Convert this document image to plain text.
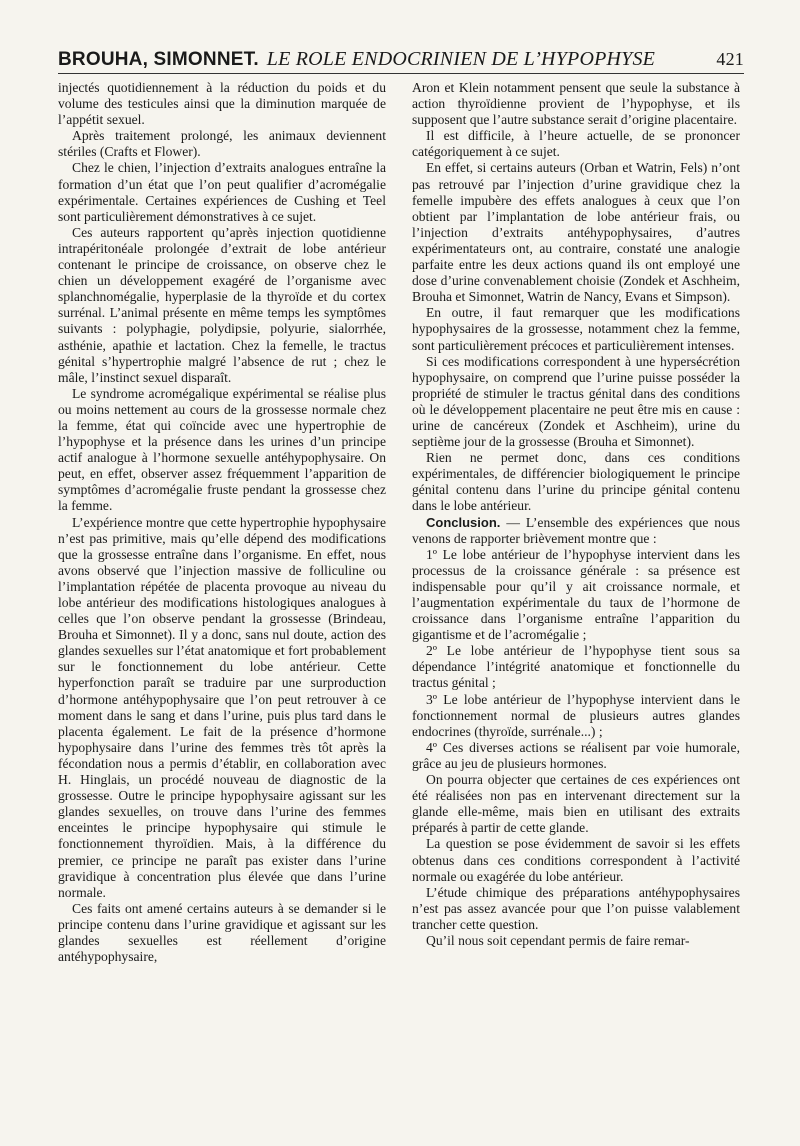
BROUHA, SIMONNET. LE ROLE ENDOCRINIEN DE L’HYPOPHYSE	421

injectés quotidiennement à la réduction du poids et du volume des testicules ainsi que la diminution marquée de l’appétit sexuel.

Après traitement prolongé, les animaux deviennent stériles (Crafts et Flower).

Chez le chien, l’injection d’extraits analogues entraîne la formation d’un état que l’on peut qualifier d’acromégalie expérimentale. Certaines expériences de Cushing et Teel sont particulièrement démonstratives à ce sujet.

Ces auteurs rapportent qu’après injection quotidienne intrapéritonéale prolongée d’extrait de lobe antérieur contenant le principe de croissance, on observe chez le chien un développement exagéré de l’organisme avec splanchnomégalie, hyperplasie de la thyroïde et du cortex surrénal. L’animal présente en même temps les symptômes suivants : polyphagie, polydipsie, polyurie, sialorrhée, asthénie, apathie et lactation. Chez la femelle, le tractus génital s’hypertrophie malgré l’absence de rut ; chez le mâle, l’instinct sexuel disparaît.

Le syndrome acromégalique expérimental se réalise plus ou moins nettement au cours de la grossesse normale chez la femme, état qui coïncide avec une hypertrophie de l’hypophyse et la présence dans les urines d’un principe actif analogue à l’hormone sexuelle antéhypophysaire. On peut, en effet, observer assez fréquemment l’apparition de symptômes d’acromégalie fruste pendant la grossesse chez la femme.

L’expérience montre que cette hypertrophie hypophysaire n’est pas primitive, mais qu’elle dépend des modifications que la grossesse entraîne dans l’organisme. En effet, nous avons observé que l’injection massive de folliculine ou l’implantation répétée de placenta provoque au niveau du lobe antérieur des modifications histologiques analogues à celles que l’on observe pendant la grossesse (Brindeau, Brouha et Simonnet). Il y a donc, sans nul doute, action des glandes sexuelles sur l’état anatomique et fort probablement sur le fonctionnement du lobe antérieur. Cette hyperfonction paraît se traduire par une surproduction d’hormone antéhypophysaire que l’on peut retrouver à ce moment dans le sang et dans l’urine, puis plus tard dans le placenta également. Le fait de la présence d’hormone hypophysaire dans l’urine des femmes très tôt après la fécondation nous a permis d’établir, en collaboration avec H. Hinglais, un procédé nouveau de diagnostic de la grossesse. Outre le principe hypophysaire agissant sur les glandes sexuelles, on trouve dans l’urine des femmes enceintes le principe hypophysaire qui stimule le fonctionnement thyroïdien. Mais, à la différence du premier, ce principe ne paraît pas exister dans l’urine gravidique à concentration plus élevée que dans l’urine normale.

Ces faits ont amené certains auteurs à se demander si le principe contenu dans l’urine gravidique et agissant sur les glandes sexuelles est réellement d’origine antéhypophysaire,

Aron et Klein notamment pensent que seule la substance à action thyroïdienne provient de l’hypophyse, et ils supposent que l’autre substance serait d’origine placentaire.

Il est difficile, à l’heure actuelle, de se prononcer catégoriquement à ce sujet.

En effet, si certains auteurs (Orban et Watrin, Fels) n’ont pas retrouvé par l’injection d’urine gravidique chez la femelle impubère des effets analogues à ceux que l’on obtient par l’implantation de lobe antérieur frais, ou l’injection d’extraits antéhypophysaires, d’autres expérimentateurs ont, au contraire, constaté une analogie parfaite entre les deux actions quand ils ont employé une dose d’urine convenablement choisie (Zondek et Aschheim, Brouha et Simonnet, Watrin de Nancy, Evans et Simpson).

En outre, il faut remarquer que les modifications hypophysaires de la grossesse, notamment chez la femme, sont particulièrement précoces et particulièrement intenses.

Si ces modifications correspondent à une hypersécrétion hypophysaire, on comprend que l’urine puisse posséder la propriété de stimuler le tractus génital dans des conditions où le développement placentaire ne peut être mis en cause : urine de cancéreux (Zondek et Aschheim), urine du septième jour de la grossesse (Brouha et Simonnet).

Rien ne permet donc, dans ces conditions expérimentales, de différencier biologiquement le principe génital contenu dans l’urine du principe génital contenu dans le lobe antérieur.

Conclusion. — L’ensemble des expériences que nous venons de rapporter brièvement montre que :

1º Le lobe antérieur de l’hypophyse intervient dans les processus de la croissance générale : sa présence est indispensable pour qu’il y ait croissance normale, et l’augmentation expérimentale du taux de l’hormone de croissance dans l’organisme entraîne l’apparition du gigantisme et de l’acromégalie ;

2º Le lobe antérieur de l’hypophyse tient sous sa dépendance l’intégrité anatomique et fonctionnelle du tractus génital ;

3º Le lobe antérieur de l’hypophyse intervient dans le fonctionnement normal de plusieurs autres glandes endocrines (thyroïde, surrénale...) ;

4º Ces diverses actions se réalisent par voie humorale, grâce au jeu de plusieurs hormones.

On pourra objecter que certaines de ces expériences ont été réalisées non pas en intervenant directement sur la glande elle-même, mais bien en utilisant des extraits préparés à partir de cette glande.

La question se pose évidemment de savoir si les effets obtenus dans ces conditions correspondent à l’activité normale ou exagérée du lobe antérieur.

L’étude chimique des préparations antéhypophysaires n’est pas assez avancée pour que l’on puisse valablement trancher cette question.

Qu’il nous soit cependant permis de faire remar-
